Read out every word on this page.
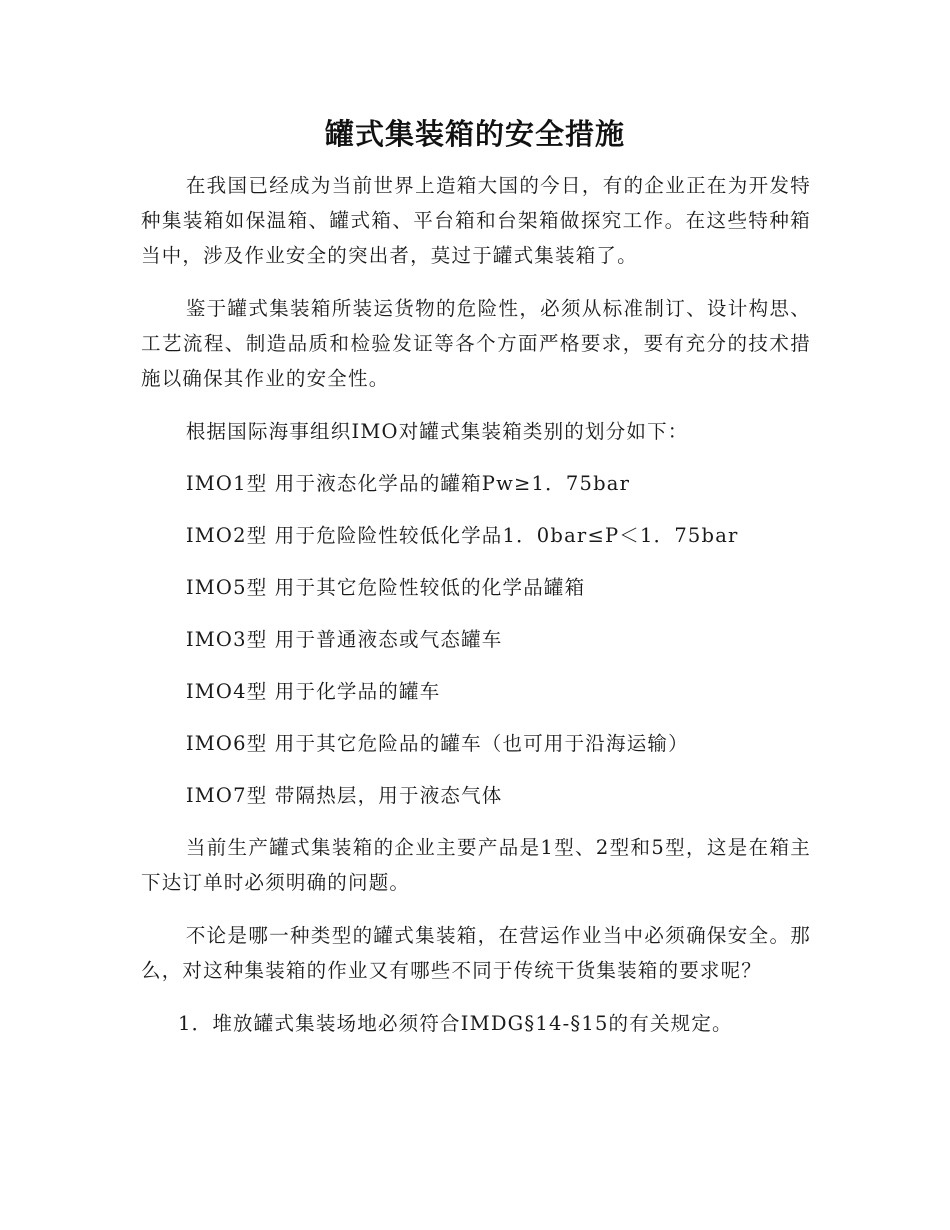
罐式集装箱的安全措施

在我国已经成为当前世界上造箱大国的今日，有的企业正在为开发特种集装箱如保温箱、罐式箱、平台箱和台架箱做探究工作。在这些特种箱当中，涉及作业安全的突出者，莫过于罐式集装箱了。

鉴于罐式集装箱所装运货物的危险性，必须从标准制订、设计构思、工艺流程、制造品质和检验发证等各个方面严格要求，要有充分的技术措施以确保其作业的安全性。

根据国际海事组织IMO对罐式集装箱类别的划分如下：

IMO1型 用于液态化学品的罐箱Pw≥1．75bar

IMO2型 用于危险险性较低化学品1．0bar≤P＜1．75bar

IMO5型 用于其它危险性较低的化学品罐箱

IMO3型 用于普通液态或气态罐车

IMO4型 用于化学品的罐车

IMO6型 用于其它危险品的罐车（也可用于沿海运输）

IMO7型 带隔热层，用于液态气体

当前生产罐式集装箱的企业主要产品是1型、2型和5型，这是在箱主下达订单时必须明确的问题。

不论是哪一种类型的罐式集装箱，在营运作业当中必须确保安全。那么，对这种集装箱的作业又有哪些不同于传统干货集装箱的要求呢？

1．堆放罐式集装场地必须符合IMDG§14-§15的有关规定。
